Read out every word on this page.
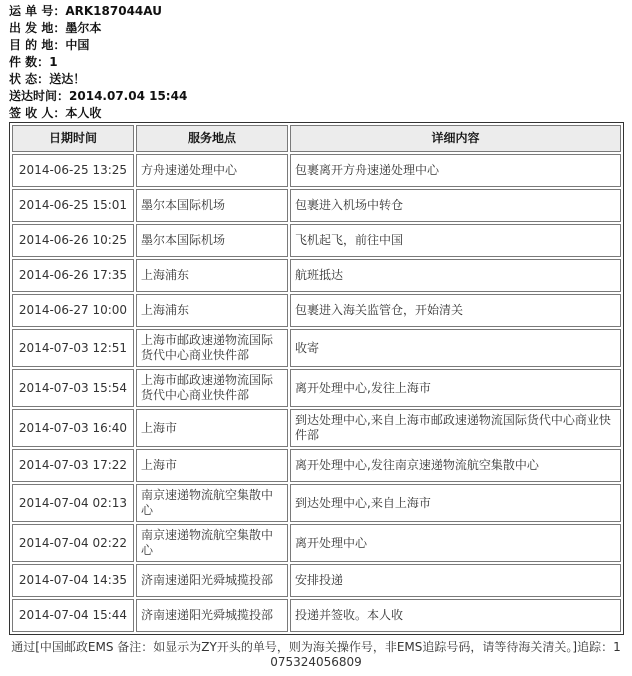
运 单 号：ARK187044AU
出 发 地：墨尔本
目 的 地：中国
件 数：1
状 态：送达！
送达时间：2014.07.04 15:44
签 收 人：本人收
日期时间	服务地点	详细内容
2014-06-25 13:25	方舟速递处理中心	包裹离开方舟速递处理中心
2014-06-25 15:01	墨尔本国际机场	包裹进入机场中转仓
2014-06-26 10:25	墨尔本国际机场	飞机起飞，前往中国
2014-06-26 17:35	上海浦东	航班抵达
2014-06-27 10:00	上海浦东	包裹进入海关监管仓，开始清关
2014-07-03 12:51	上海市邮政速递物流国际货代中心商业快件部	收寄
2014-07-03 15:54	上海市邮政速递物流国际货代中心商业快件部	离开处理中心,发往上海市
2014-07-03 16:40	上海市	到达处理中心,来自上海市邮政速递物流国际货代中心商业快件部
2014-07-03 17:22	上海市	离开处理中心,发往南京速递物流航空集散中心
2014-07-04 02:13	南京速递物流航空集散中心	到达处理中心,来自上海市
2014-07-04 02:22	南京速递物流航空集散中心	离开处理中心
2014-07-04 14:35	济南速递阳光舜城揽投部	安排投递
2014-07-04 15:44	济南速递阳光舜城揽投部	投递并签收。本人收
通过[中国邮政EMS 备注：如显示为ZY开头的单号，则为海关操作号，非EMS追踪号码，请等待海关清关。]追踪：1075324056809
